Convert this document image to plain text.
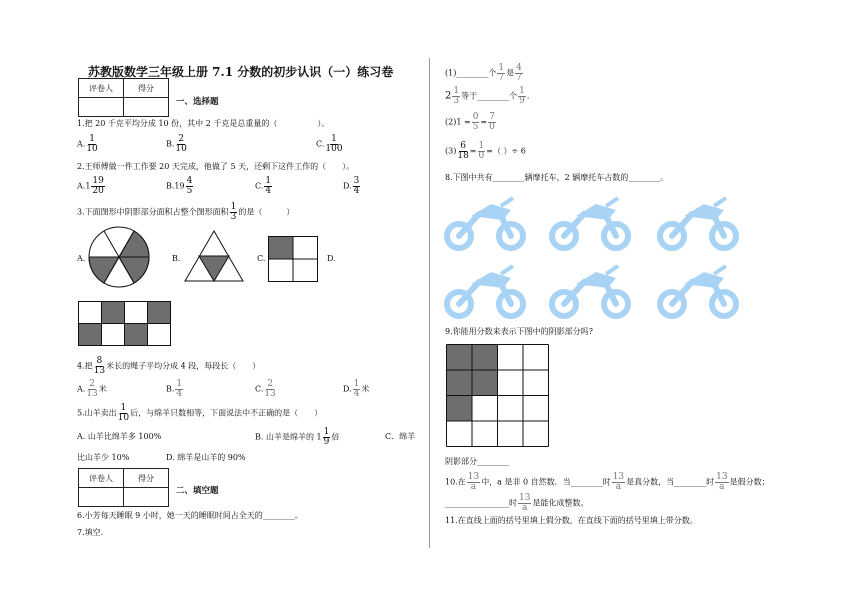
苏教版数学三年级上册 7.1 分数的初步认识（一）练习卷
评卷人	得分

一、选择题
1.把 20 千克平均分成 10 份，其中 2 千克是总重量的（　　　　　）。
A. $\frac{1}{10}$	B. $\frac{2}{10}$	C. $\frac{1}{100}$
2.王师傅做一件工作要 20 天完成，他做了 5 天，还剩下这件工作的（　　）。
$A.1 \frac{19}{20}$	$B.19 \frac{4}{5}$	C. $\frac{1}{4}$	D. $\frac{3}{4}$
3.下面图形中阴影部分面积占整个图形面积 $\frac{1}{3}$ 的是（　　　）
A.	B.	C.	D.
4.把 $\frac{8}{13}$ 米长的绳子平均分成 4 段，每段长（　　）
A. $\frac{2}{13}$ 米	B. $\frac{1}{4}$	C. $\frac{2}{13}$	D. $\frac{1}{4}$ 米
5.山羊卖出 $\frac{1}{10}$ 后，与绵羊只数相等，下面说法中不正确的是（　　）
A. 山羊比绵羊多 100%	B. 山羊是绵羊的 $1 \frac{1}{9}$ 倍	C．绵羊
比山羊少 10%	D. 绵羊是山羊的 90%
评卷人	得分

二、填空题
6.小芳每天睡眠 9 小时，她一天的睡眠时间占全天的________。
7.填空.
(1)________个 $\frac{1}{7}$ 是 $\frac{4}{7}$
$2 \frac{1}{3}$ 等于________个 $\frac{1}{9}$ .
$(2)1 = \frac{0}{5} = \frac{7}{0}$
$(3) \frac{6}{18} = \frac{1}{0}$ =（ ）÷ 6
8.下图中共有________辆摩托车，2 辆摩托车占数的________。
9.你能用分数来表示下图中的阴影部分吗?
阴影部分________
10.在 $\frac{13}{a}$ 中，a 是非 0 自然数．当________时 $\frac{13}{a}$ 是真分数，当________时 $\frac{13}{a}$ 是假分数；
________________时 $\frac{13}{a}$ 是能化成整数。
11.在直线上面的括号里填上假分数，在直线下面的括号里填上带分数。
